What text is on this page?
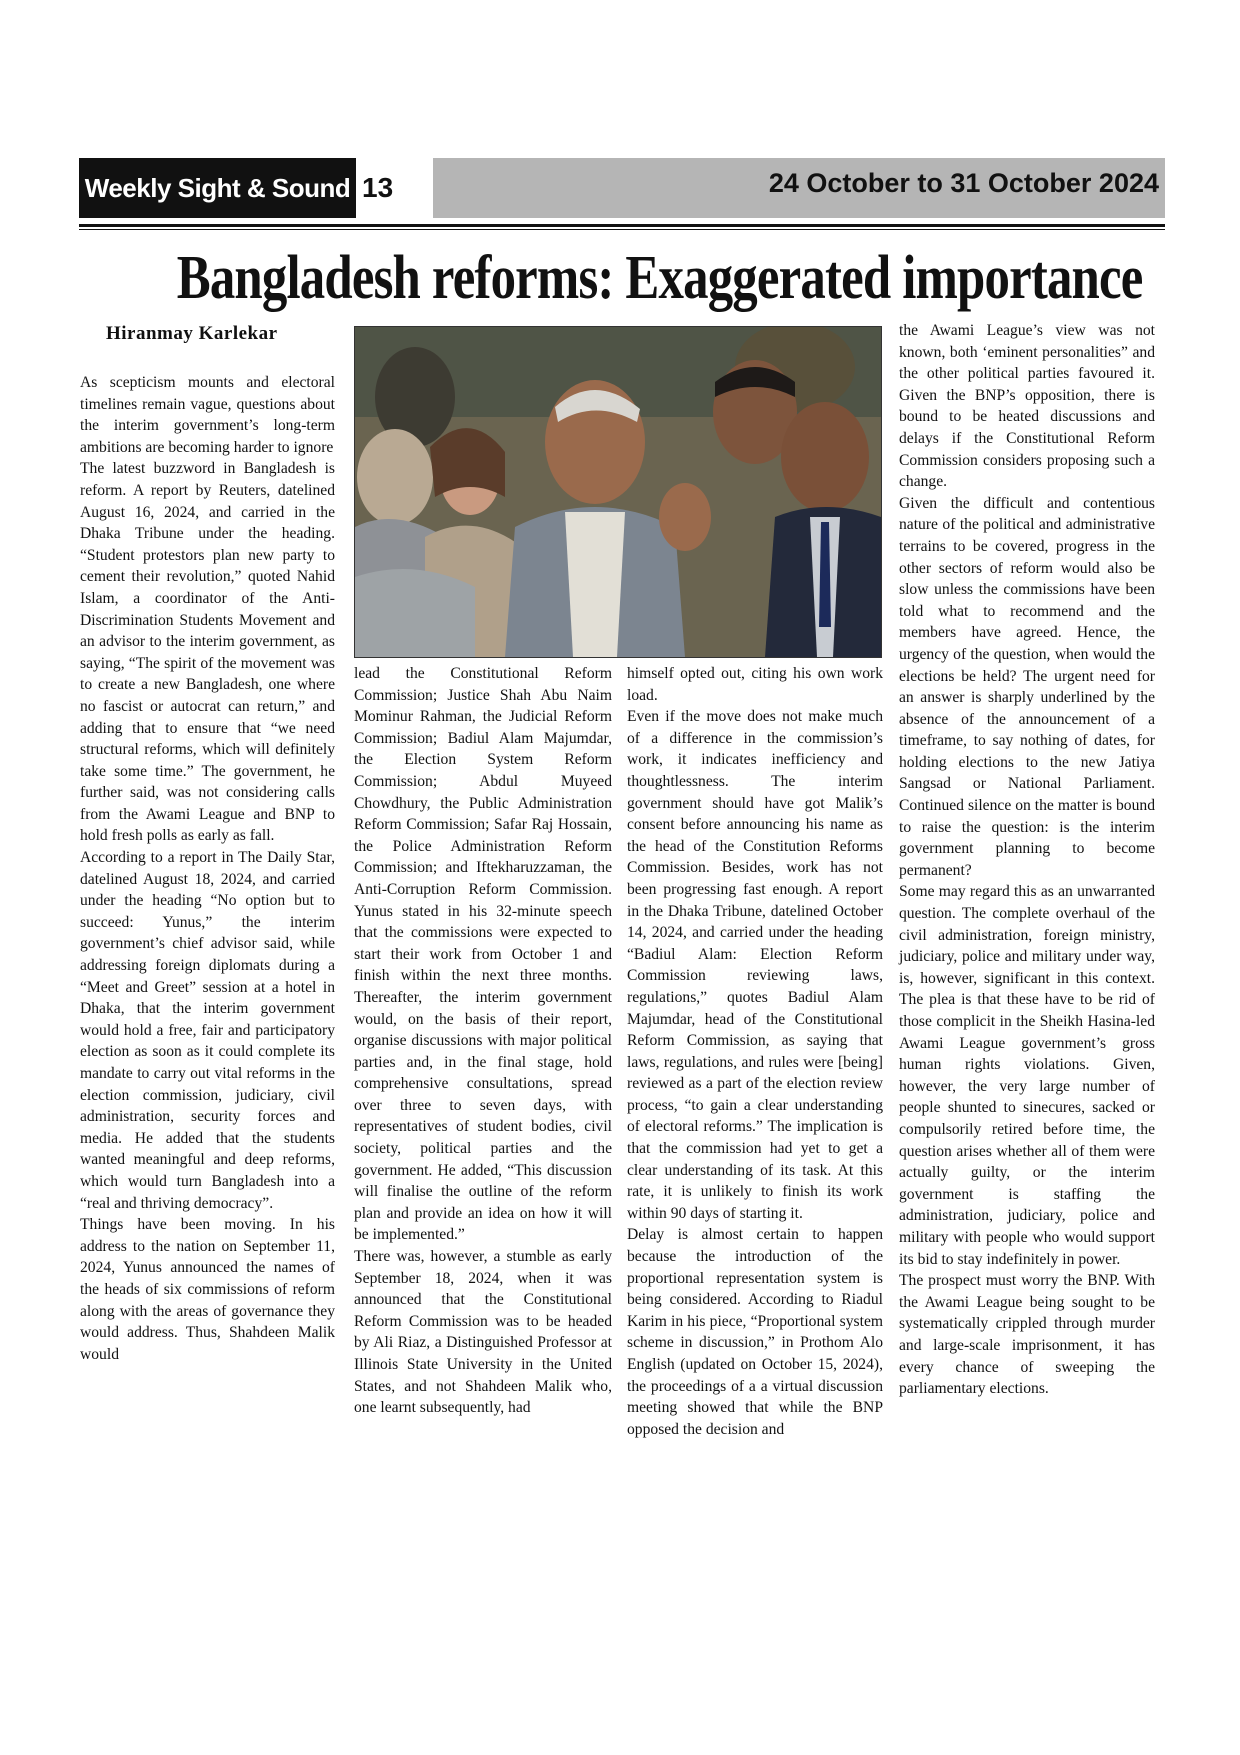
24 October to 31 October 2024
Weekly Sight & Sound 13
Bangladesh reforms: Exaggerated importance
Hiranmay Karlekar

As scepticism mounts and electoral timelines remain vague, questions about the interim government’s long-term ambitions are becoming harder to ignore

The latest buzzword in Bangladesh is reform. A report by Reuters, datelined August 16, 2024, and carried in the Dhaka Tribune under the heading. “Student protestors plan new party to cement their revolution,” quoted Nahid Islam, a coordinator of the Anti-Discrimination Students Movement and an advisor to the interim government, as saying, “The spirit of the movement was to create a new Bangladesh, one where no fascist or autocrat can return,” and adding that to ensure that “we need structural reforms, which will definitely take some time.” The government, he further said, was not considering calls from the Awami League and BNP to hold fresh polls as early as fall.

According to a report in The Daily Star, datelined August 18, 2024, and carried under the heading “No option but to succeed: Yunus,” the interim government’s chief advisor said, while addressing foreign diplomats during a “Meet and Greet” session at a hotel in Dhaka, that the interim government would hold a free, fair and participatory election as soon as it could complete its mandate to carry out vital reforms in the election commission, judiciary, civil administration, security forces and media. He added that the students wanted meaningful and deep reforms, which would turn Bangladesh into a “real and thriving democracy”.

Things have been moving. In his address to the nation on September 11, 2024, Yunus announced the names of the heads of six commissions of reform along with the areas of governance they would address. Thus, Shahdeen Malik would

lead the Constitutional Reform Commission; Justice Shah Abu Naim Mominur Rahman, the Judicial Reform Commission; Badiul Alam Majumdar, the Election System Reform Commission; Abdul Muyeed Chowdhury, the Public Administration Reform Commission; Safar Raj Hossain, the Police Administration Reform Commission; and Iftekharuzzaman, the Anti-Corruption Reform Commission. Yunus stated in his 32-minute speech that the commissions were expected to start their work from October 1 and finish within the next three months. Thereafter, the interim government would, on the basis of their report, organise discussions with major political parties and, in the final stage, hold comprehensive consultations, spread over three to seven days, with representatives of student bodies, civil society, political parties and the government. He added, “This discussion will finalise the outline of the reform plan and provide an idea on how it will be implemented.”

There was, however, a stumble as early September 18, 2024, when it was announced that the Constitutional Reform Commission was to be headed by Ali Riaz, a Distinguished Professor at Illinois State University in the United States, and not Shahdeen Malik who, one learnt subsequently, had

himself opted out, citing his own work load.

Even if the move does not make much of a difference in the commission’s work, it indicates inefficiency and thoughtlessness. The interim government should have got Malik’s consent before announcing his name as the head of the Constitution Reforms Commission. Besides, work has not been progressing fast enough. A report in the Dhaka Tribune, datelined October 14, 2024, and carried under the heading “Badiul Alam: Election Reform Commission reviewing laws, regulations,” quotes Badiul Alam Majumdar, head of the Constitutional Reform Commission, as saying that laws, regulations, and rules were [being] reviewed as a part of the election review process, “to gain a clear understanding of electoral reforms.” The implication is that the commission had yet to get a clear understanding of its task. At this rate, it is unlikely to finish its work within 90 days of starting it.

Delay is almost certain to happen because the introduction of the proportional representation system is being considered. According to Riadul Karim in his piece, “Proportional system scheme in discussion,” in Prothom Alo English (updated on October 15, 2024), the proceedings of a a virtual discussion meeting showed that while the BNP opposed the decision and

the Awami League’s view was not known, both ‘eminent personalities” and the other political parties favoured it. Given the BNP’s opposition, there is bound to be heated discussions and delays if the Constitutional Reform Commission considers proposing such a change.

Given the difficult and contentious nature of the political and administrative terrains to be covered, progress in the other sectors of reform would also be slow unless the commissions have been told what to recommend and the members have agreed. Hence, the urgency of the question, when would the elections be held? The urgent need for an answer is sharply underlined by the absence of the announcement of a timeframe, to say nothing of dates, for holding elections to the new Jatiya Sangsad or National Parliament. Continued silence on the matter is bound to raise the question: is the interim government planning to become permanent?

Some may regard this as an unwarranted question. The complete overhaul of the civil administration, foreign ministry, judiciary, police and military under way, is, however, significant in this context. The plea is that these have to be rid of those complicit in the Sheikh Hasina-led Awami League government’s gross human rights violations. Given, however, the very large number of people shunted to sinecures, sacked or compulsorily retired before time, the question arises whether all of them were actually guilty, or the interim government is staffing the administration, judiciary, police and military with people who would support its bid to stay indefinitely in power.

The prospect must worry the BNP. With the Awami League being sought to be systematically crippled through murder and large-scale imprisonment, it has every chance of sweeping the parliamentary elections.
